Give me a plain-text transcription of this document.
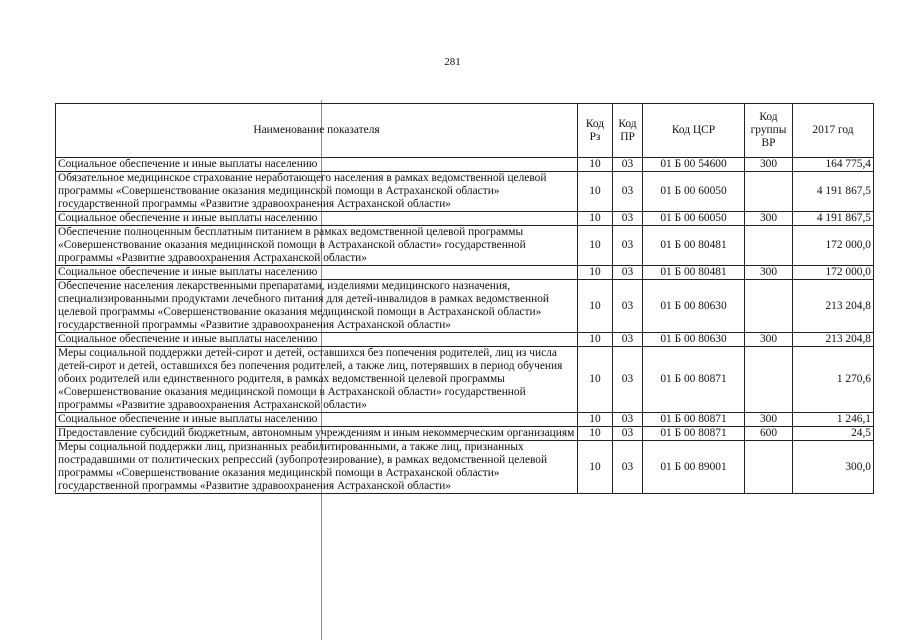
281
Наименование показателя	Код Рз	Код ПР	Код ЦСР	Код группы ВР	2017 год
Социальное обеспечение и иные выплаты населению	10	03	01 Б 00 54600	300	164 775,4
Обязательное медицинское страхование неработающего населения в рамках ведомственной целевой программы «Совершенствование оказания медицинской помощи в Астраханской области» государственной программы «Развитие здравоохранения Астраханской области»	10	03	01 Б 00 60050		4 191 867,5
Социальное обеспечение и иные выплаты населению	10	03	01 Б 00 60050	300	4 191 867,5
Обеспечение полноценным бесплатным питанием в рамках ведомственной целевой программы «Совершенствование оказания медицинской помощи в Астраханской области» государственной программы «Развитие здравоохранения Астраханской области»	10	03	01 Б 00 80481		172 000,0
Социальное обеспечение и иные выплаты населению	10	03	01 Б 00 80481	300	172 000,0
Обеспечение населения лекарственными препаратами, изделиями медицинского назначения, специализированными продуктами лечебного питания для детей-инвалидов в рамках ведомственной целевой программы «Совершенствование оказания медицинской помощи в Астраханской области» государственной программы «Развитие здравоохранения Астраханской области»	10	03	01 Б 00 80630		213 204,8
Социальное обеспечение и иные выплаты населению	10	03	01 Б 00 80630	300	213 204,8
Меры социальной поддержки детей-сирот и детей, оставшихся без попечения родителей, лиц из числа детей-сирот и детей, оставшихся без попечения родителей, а также лиц, потерявших в период обучения обоих родителей или единственного родителя, в рамках ведомственной целевой программы «Совершенствование оказания медицинской помощи в Астраханской области» государственной программы «Развитие здравоохранения Астраханской области»	10	03	01 Б 00 80871		1 270,6
Социальное обеспечение и иные выплаты населению	10	03	01 Б 00 80871	300	1 246,1
Предоставление субсидий бюджетным, автономным учреждениям и иным некоммерческим организациям	10	03	01 Б 00 80871	600	24,5
Меры социальной поддержки лиц, признанных реабилитированными, а также лиц, признанных пострадавшими от политических репрессий (зубопротезирование), в рамках ведомственной целевой программы «Совершенствование оказания медицинской помощи в Астраханской области» государственной программы «Развитие здравоохранения Астраханской области»	10	03	01 Б 00 89001		300,0
